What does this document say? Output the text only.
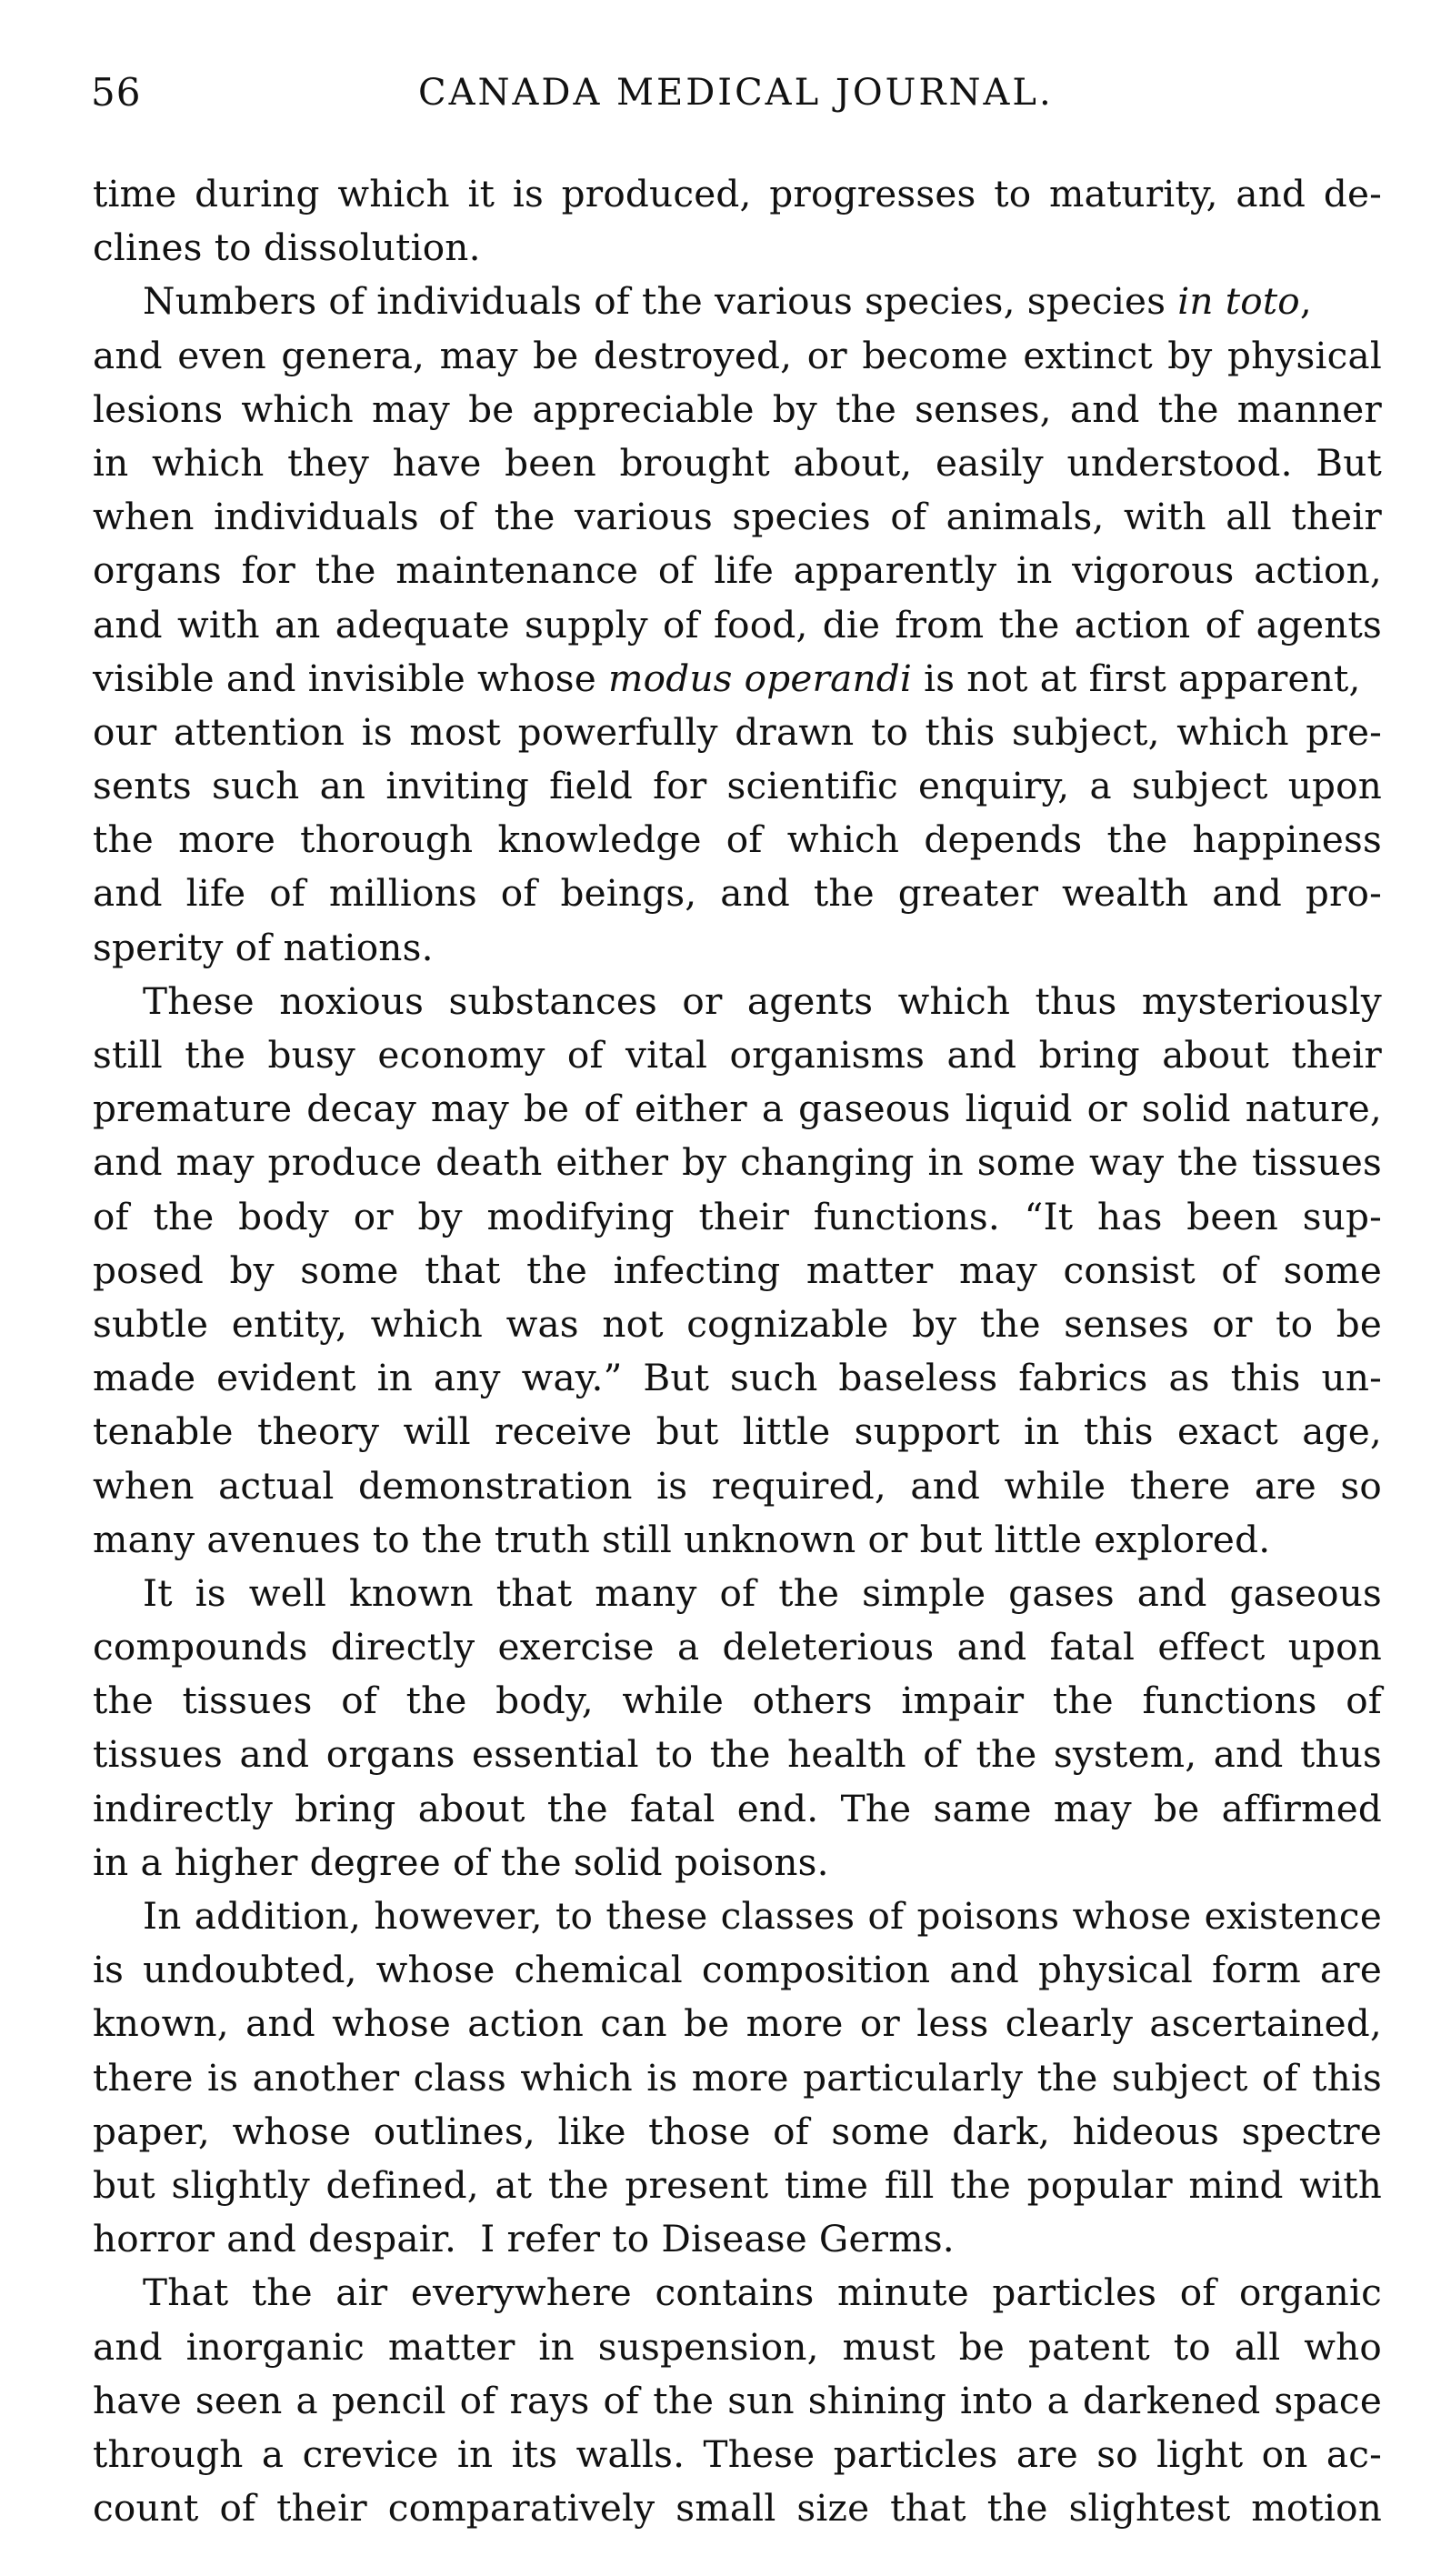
56	CANADA MEDICAL JOURNAL.
time during which it is produced, progresses to maturity, and de-
clines to dissolution.
Numbers of individuals of the various species, species in toto ,
and even genera, may be destroyed, or become extinct by physical
lesions which may be appreciable by the senses, and the manner
in which they have been brought about, easily understood. But
when individuals of the various species of animals, with all their
organs for the maintenance of life apparently in vigorous action,
and with an adequate supply of food, die from the action of agents
visible and invisible whose modus operandi is not at first apparent,
our attention is most powerfully drawn to this subject, which pre-
sents such an inviting field for scientific enquiry, a subject upon
the more thorough knowledge of which depends the happiness
and life of millions of beings, and the greater wealth and pro-
sperity of nations.
These noxious substances or agents which thus mysteriously
still the busy economy of vital organisms and bring about their
premature decay may be of either a gaseous liquid or solid nature,
and may produce death either by changing in some way the tissues
of the body or by modifying their functions. “It has been sup-
posed by some that the infecting matter may consist of some
subtle entity, which was not cognizable by the senses or to be
made evident in any way.” But such baseless fabrics as this un-
tenable theory will receive but little support in this exact age,
when actual demonstration is required, and while there are so
many avenues to the truth still unknown or but little explored.
It is well known that many of the simple gases and gaseous
compounds directly exercise a deleterious and fatal effect upon
the tissues of the body, while others impair the functions of
tissues and organs essential to the health of the system, and thus
indirectly bring about the fatal end. The same may be affirmed
in a higher degree of the solid poisons.
In addition, however, to these classes of poisons whose existence
is undoubted, whose chemical composition and physical form are
known, and whose action can be more or less clearly ascertained,
there is another class which is more particularly the subject of this
paper, whose outlines, like those of some dark, hideous spectre
but slightly defined, at the present time fill the popular mind with
horror and despair.  I refer to Disease Germs.
That the air everywhere contains minute particles of organic
and inorganic matter in suspension, must be patent to all who
have seen a pencil of rays of the sun shining into a darkened space
through a crevice in its walls. These particles are so light on ac-
count of their comparatively small size that the slightest motion
